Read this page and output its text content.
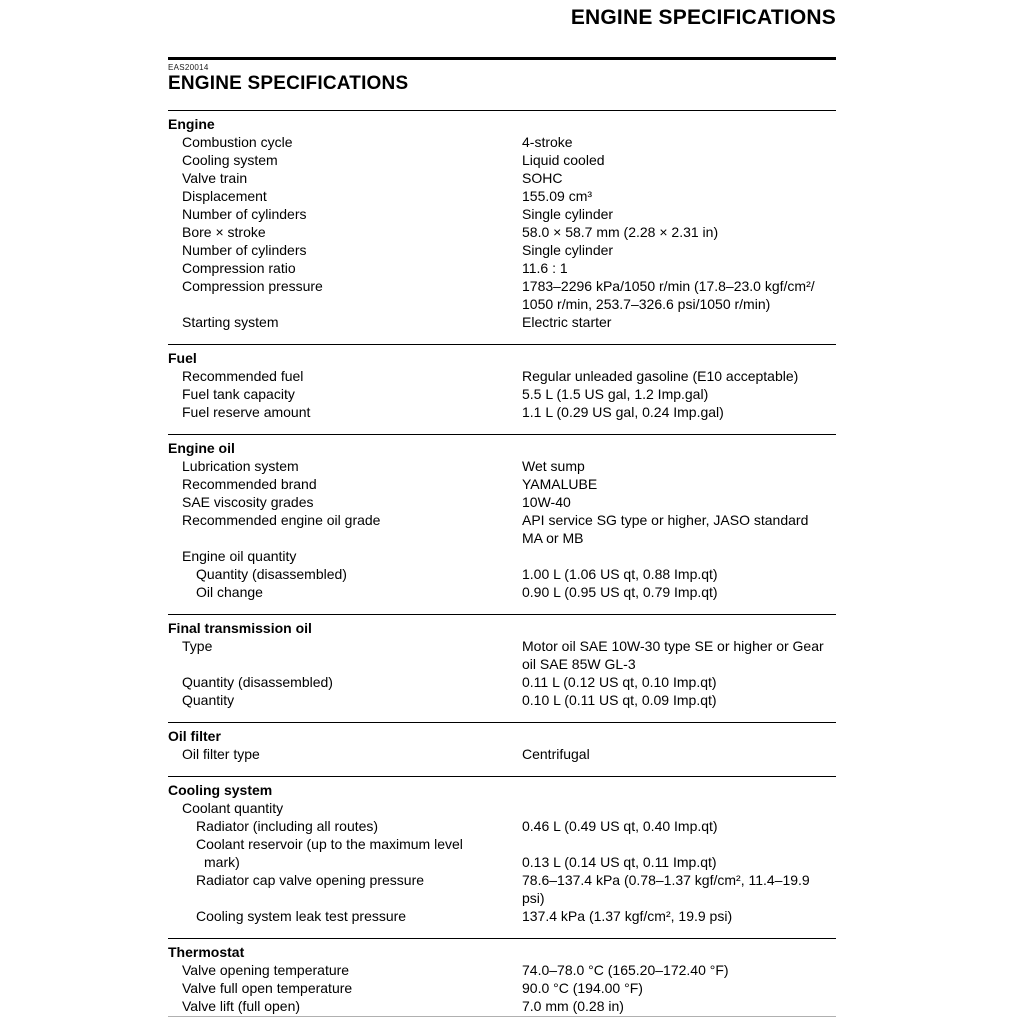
ENGINE SPECIFICATIONS
EAS20014
ENGINE SPECIFICATIONS
Engine
Combustion cycle	4-stroke
Cooling system	Liquid cooled
Valve train	SOHC
Displacement	155.09 cm³
Number of cylinders	Single cylinder
Bore × stroke	58.0 × 58.7 mm (2.28 × 2.31 in)
Number of cylinders	Single cylinder
Compression ratio	11.6 : 1
Compression pressure	1783–2296 kPa/1050 r/min (17.8–23.0 kgf/cm²/
1050 r/min, 253.7–326.6 psi/1050 r/min)
Starting system	Electric starter
Fuel
Recommended fuel	Regular unleaded gasoline (E10 acceptable)
Fuel tank capacity	5.5 L (1.5 US gal, 1.2 Imp.gal)
Fuel reserve amount	1.1 L (0.29 US gal, 0.24 Imp.gal)
Engine oil
Lubrication system	Wet sump
Recommended brand	YAMALUBE
SAE viscosity grades	10W-40
Recommended engine oil grade	API service SG type or higher, JASO standard
MA or MB
Engine oil quantity
Quantity (disassembled)	1.00 L (1.06 US qt, 0.88 Imp.qt)
Oil change	0.90 L (0.95 US qt, 0.79 Imp.qt)
Final transmission oil
Type	Motor oil SAE 10W-30 type SE or higher or Gear
oil SAE 85W GL-3
Quantity (disassembled)	0.11 L (0.12 US qt, 0.10 Imp.qt)
Quantity	0.10 L (0.11 US qt, 0.09 Imp.qt)
Oil filter
Oil filter type	Centrifugal
Cooling system
Coolant quantity
Radiator (including all routes)	0.46 L (0.49 US qt, 0.40 Imp.qt)
Coolant reservoir (up to the maximum level
mark)	0.13 L (0.14 US qt, 0.11 Imp.qt)
Radiator cap valve opening pressure	78.6–137.4 kPa (0.78–1.37 kgf/cm², 11.4–19.9
psi)
Cooling system leak test pressure	137.4 kPa (1.37 kgf/cm², 19.9 psi)
Thermostat
Valve opening temperature	74.0–78.0 °C (165.20–172.40 °F)
Valve full open temperature	90.0 °C (194.00 °F)
Valve lift (full open)	7.0 mm (0.28 in)
